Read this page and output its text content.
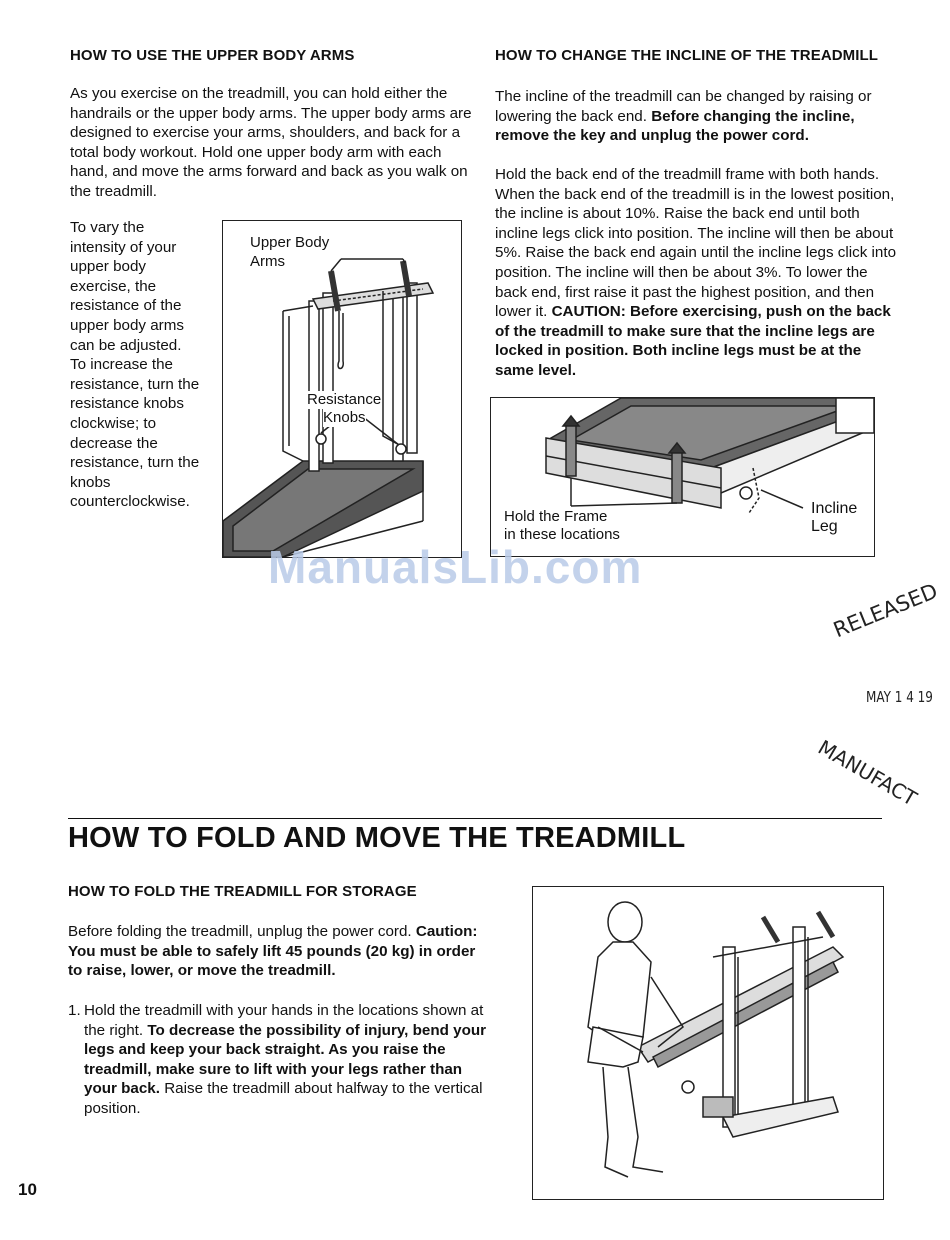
HOW TO USE THE UPPER BODY ARMS
As you exercise on the treadmill, you can hold either the handrails or the upper body arms. The upper body arms are designed to exercise your arms, shoulders, and back for a total body workout. Hold one upper body arm with each hand, and move the arms forward and back as you walk on the treadmill.
To vary the intensity of your upper body exercise, the resistance of the upper body arms can be adjusted. To increase the resistance, turn the resistance knobs clockwise; to decrease the resistance, turn the knobs counterclockwise.
Upper Body
Arms
Resistance
Knobs
HOW TO CHANGE THE INCLINE OF THE TREADMILL
The incline of the treadmill can be changed by raising or lowering the back end. Before changing the incline, remove the key and unplug the power cord.
Hold the back end of the treadmill frame with both hands. When the back end of the treadmill is in the lowest position, the incline is about 10%. Raise the back end until both incline legs click into position. The incline will then be about 5%. Raise the back end again until the incline legs click into position. The incline will then be about 3%. To lower the back end, first raise it past the highest position, and then lower it. CAUTION: Before exercising, push on the back of the treadmill to make sure that the incline legs are locked in position. Both incline legs must be at the same level.
Hold the Frame
in these locations
Incline
Leg
ManualsLib.com
RELEASED
MAY 1 4 19
MANUFACT
HOW TO FOLD AND MOVE THE TREADMILL
HOW TO FOLD THE TREADMILL FOR STORAGE
Before folding the treadmill, unplug the power cord. Caution: You must be able to safely lift 45 pounds (20 kg) in order to raise, lower, or move the treadmill.
1. Hold the treadmill with your hands in the locations shown at the right. To decrease the possibility of injury, bend your legs and keep your back straight. As you raise the treadmill, make sure to lift with your legs rather than your back. Raise the treadmill about halfway to the vertical position.
10
